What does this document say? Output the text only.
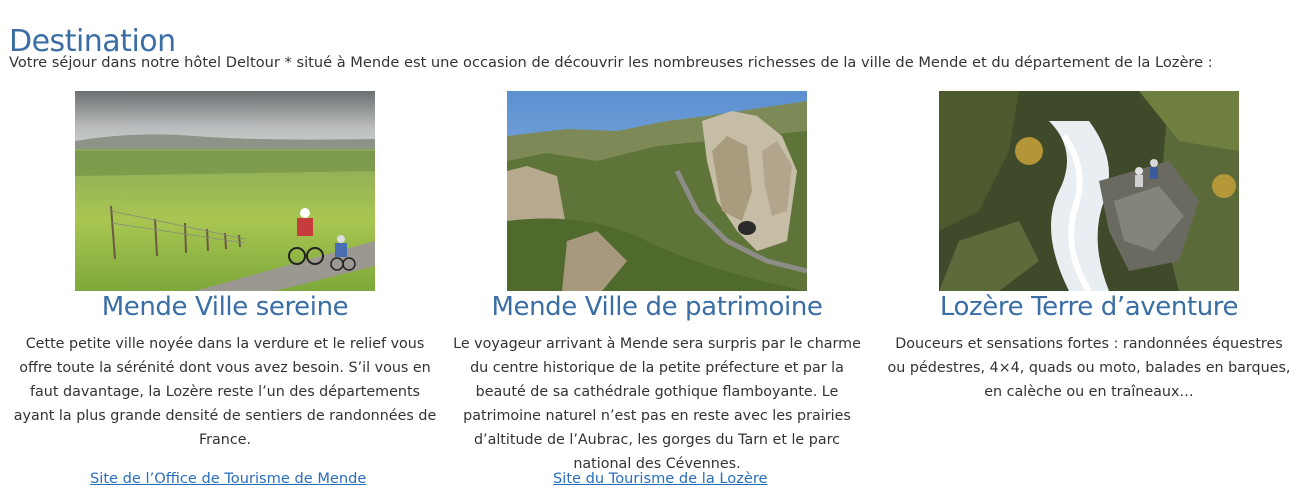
Destination
Votre séjour dans notre hôtel Deltour * situé à Mende est une occasion de découvrir les nombreuses richesses de la ville de Mende et du département de la Lozère :
Mende Ville sereine
Cette petite ville noyée dans la verdure et le relief vous offre toute la sérénité dont vous avez besoin. S’il vous en faut davantage, la Lozère reste l’un des départements ayant la plus grande densité de sentiers de randonnées de France.
Mende Ville de patrimoine
Le voyageur arrivant à Mende sera surpris par le charme du centre historique de la petite préfecture et par la beauté de sa cathédrale gothique flamboyante. Le patrimoine naturel n’est pas en reste avec les prairies d’altitude de l’Aubrac, les gorges du Tarn et le parc national des Cévennes.
Lozère Terre d’aventure
Douceurs et sensations fortes : randonnées équestres ou pédestres, 4×4, quads ou moto, balades en barques, en calèche ou en traîneaux…
Site de l’Office de Tourisme de Mende	Site du Tourisme de la Lozère
